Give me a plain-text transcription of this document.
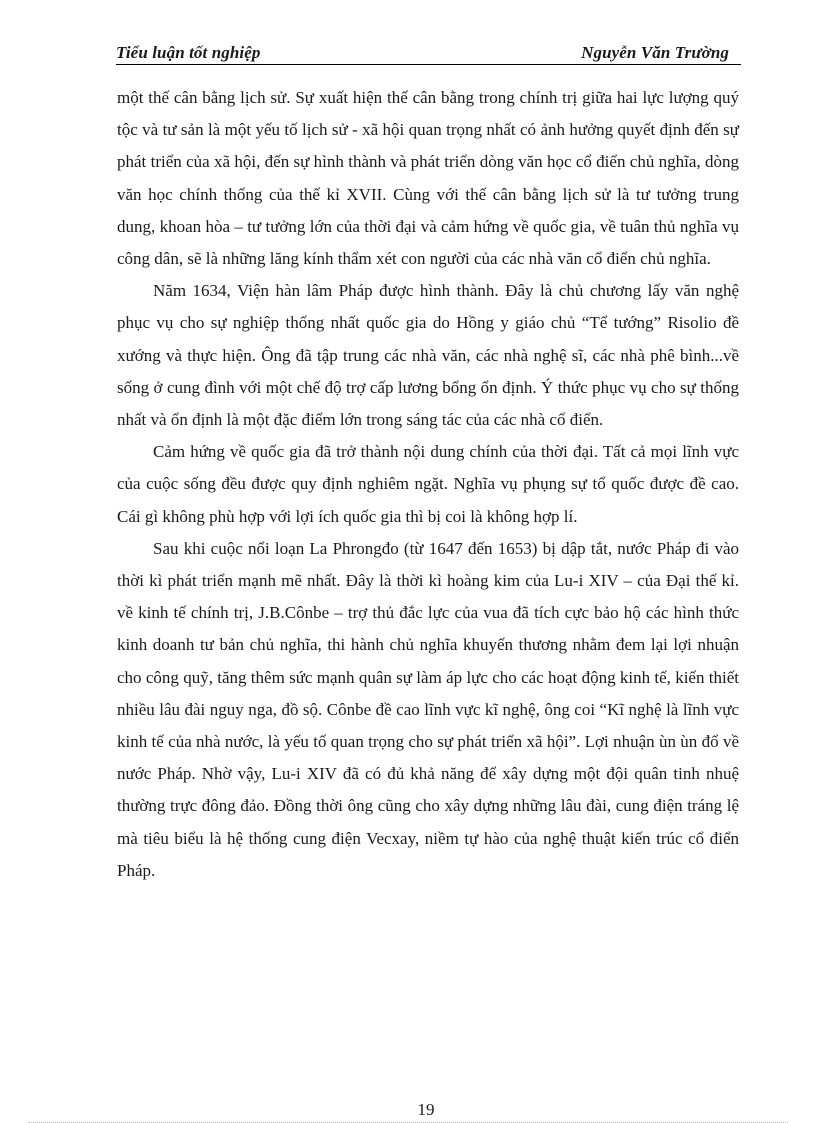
Tiểu luận tốt nghiệp	Nguyễn Văn Trường

một thế cân bằng lịch sử. Sự xuất hiện thế cân bằng trong chính trị giữa hai lực lượng quý tộc và tư sản là một yếu tố lịch sử - xã hội quan trọng nhất có ảnh hưởng quyết định đến sự phát triển của xã hội, đến sự hình thành và phát triển dòng văn học cổ điển chủ nghĩa, dòng văn học chính thống của thế kỉ XVII. Cùng với thế cân bằng lịch sử là tư tưởng trung dung, khoan hòa – tư tưởng lớn của thời đại và cảm hứng về quốc gia, về tuân thủ nghĩa vụ công dân, sẽ là những lăng kính thẩm xét con người của các nhà văn cổ điển chủ nghĩa.

Năm 1634, Viện hàn lâm Pháp được hình thành. Đây là chủ chương lấy văn nghệ phục vụ cho sự nghiệp thống nhất quốc gia do Hồng y giáo chủ “Tể tướng” Risolio đề xướng và thực hiện. Ông đã tập trung các nhà văn, các nhà nghệ sĩ, các nhà phê bình...về sống ở cung đình với một chế độ trợ cấp lương bổng ổn định. Ý thức phục vụ cho sự thống nhất và ổn định là một đặc điểm lớn trong sáng tác của các nhà cổ điển.

Cảm hứng về quốc gia đã trở thành nội dung chính của thời đại. Tất cả mọi lĩnh vực của cuộc sống đều được quy định nghiêm ngặt. Nghĩa vụ phụng sự tổ quốc được đề cao. Cái gì không phù hợp với lợi ích quốc gia thì bị coi là không hợp lí.

Sau khi cuộc nổi loạn La Phrongđo (từ 1647 đến 1653) bị dập tắt, nước Pháp đi vào thời kì phát triển mạnh mẽ nhất. Đây là thời kì hoàng kim của Lu-i XIV – của Đại thế kỉ. về kinh tế chính trị, J.B.Cônbe – trợ thủ đắc lực của vua đã tích cực bảo hộ các hình thức kinh doanh tư bản chủ nghĩa, thi hành chủ nghĩa khuyến thương nhằm đem lại lợi nhuận cho công quỹ, tăng thêm sức mạnh quân sự làm áp lực cho các hoạt động kinh tế, kiến thiết nhiều lâu đài nguy nga, đồ sộ. Cônbe đề cao lĩnh vực kĩ nghệ, ông coi “Kĩ nghệ là lĩnh vực kinh tế của nhà nước, là yếu tố quan trọng cho sự phát triển xã hội”. Lợi nhuận ùn ùn đổ về nước Pháp. Nhờ vậy, Lu-i XIV đã có đủ khả năng để xây dựng một đội quân tinh nhuệ thường trực đông đảo. Đồng thời ông cũng cho xây dựng những lâu đài, cung điện tráng lệ mà tiêu biểu là hệ thống cung điện Vecxay, niềm tự hào của nghệ thuật kiến trúc cổ điển Pháp.

19
